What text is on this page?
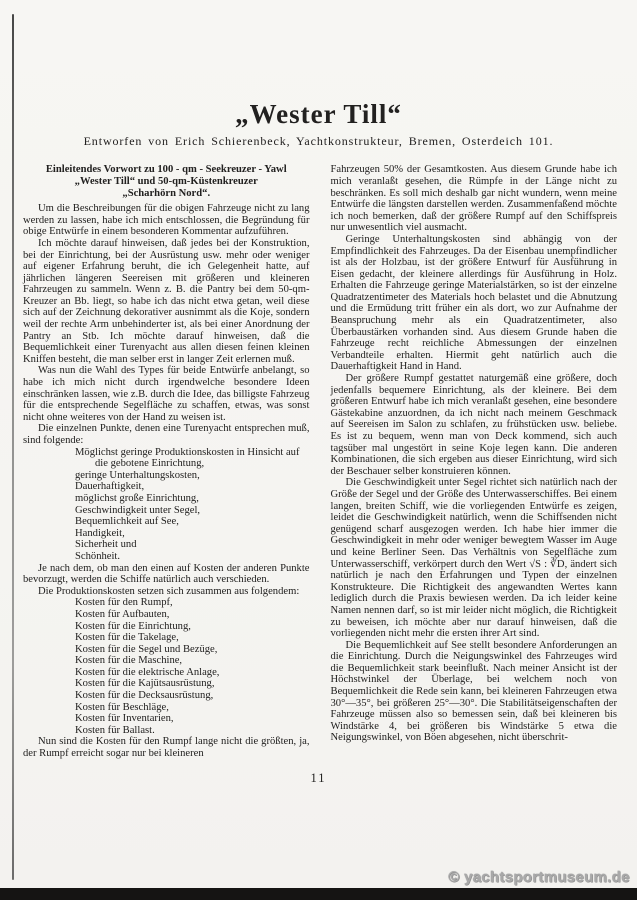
„Wester Till“
Entworfen von Erich Schierenbeck, Yachtkonstrukteur, Bremen, Osterdeich 101.
Einleitendes Vorwort zu 100 - qm - Seekreuzer - Yawl
„Wester Till“ und 50-qm-Küstenkreuzer
„Scharhörn Nord“.

Um die Beschreibungen für die obigen Fahrzeuge nicht zu lang werden zu lassen, habe ich mich entschlossen, die Begründung für obige Entwürfe in einem besonderen Kommentar aufzuführen.

Ich möchte darauf hinweisen, daß jedes bei der Konstruktion, bei der Einrichtung, bei der Ausrüstung usw. mehr oder weniger auf eigener Erfahrung beruht, die ich Gelegenheit hatte, auf jährlichen längeren Seereisen mit größeren und kleineren Fahrzeugen zu sammeln. Wenn z. B. die Pantry bei dem 50-qm-Kreuzer an Bb. liegt, so habe ich das nicht etwa getan, weil diese sich auf der Zeichnung dekorativer ausnimmt als die Koje, sondern weil der rechte Arm unbehinderter ist, als bei einer Anordnung der Pantry an Stb. Ich möchte darauf hinweisen, daß die Bequemlichkeit einer Turenyacht aus allen diesen feinen kleinen Kniffen besteht, die man selber erst in langer Zeit erlernen muß.

Was nun die Wahl des Types für beide Entwürfe anbelangt, so habe ich mich nicht durch irgendwelche besondere Ideen einschränken lassen, wie z.B. durch die Idee, das billigste Fahrzeug für die entsprechende Segelfläche zu schaffen, etwas, was sonst nicht ohne weiteres von der Hand zu weisen ist.

Die einzelnen Punkte, denen eine Turenyacht entsprechen muß, sind folgende:

Möglichst geringe Produktionskosten in Hinsicht auf die gebotene Einrichtung,
geringe Unterhaltungskosten,
Dauerhaftigkeit,
möglichst große Einrichtung,
Geschwindigkeit unter Segel,
Bequemlichkeit auf See,
Handigkeit,
Sicherheit und
Schönheit.

Je nach dem, ob man den einen auf Kosten der anderen Punkte bevorzugt, werden die Schiffe natürlich auch verschieden.

Die Produktionskosten setzen sich zusammen aus folgendem:

Kosten für den Rumpf,
Kosten für Aufbauten,
Kosten für die Einrichtung,
Kosten für die Takelage,
Kosten für die Segel und Bezüge,
Kosten für die Maschine,
Kosten für die elektrische Anlage,
Kosten für die Kajütsausrüstung,
Kosten für die Decksausrüstung,
Kosten für Beschläge,
Kosten für Inventarien,
Kosten für Ballast.

Nun sind die Kosten für den Rumpf lange nicht die größten, ja, der Rumpf erreicht sogar nur bei kleineren

Fahrzeugen 50% der Gesamtkosten. Aus diesem Grunde habe ich mich veranlaßt gesehen, die Rümpfe in der Länge nicht zu beschränken. Es soll mich deshalb gar nicht wundern, wenn meine Entwürfe die längsten darstellen werden. Zusammenfaßend möchte ich noch bemerken, daß der größere Rumpf auf den Schiffspreis nur unwesentlich viel ausmacht.

Geringe Unterhaltungskosten sind abhängig von der Empfindlichkeit des Fahrzeuges. Da der Eisenbau unempfindlicher ist als der Holzbau, ist der größere Entwurf für Ausführung in Eisen gedacht, der kleinere allerdings für Ausführung in Holz. Erhalten die Fahrzeuge geringe Materialstärken, so ist der einzelne Quadratzentimeter des Materials hoch belastet und die Abnutzung und die Ermüdung tritt früher ein als dort, wo zur Aufnahme der Beanspruchung mehr als ein Quadratzentimeter, also Überbaustärken vorhanden sind. Aus diesem Grunde haben die Fahrzeuge recht reichliche Abmessungen der einzelnen Verbandteile erhalten. Hiermit geht natürlich auch die Dauerhaftigkeit Hand in Hand.

Der größere Rumpf gestattet naturgemäß eine größere, doch jedenfalls bequemere Einrichtung, als der kleinere. Bei dem größeren Entwurf habe ich mich veranlaßt gesehen, eine besondere Gästekabine anzuordnen, da ich nicht nach meinem Geschmack auf Seereisen im Salon zu schlafen, zu frühstücken usw. beliebe. Es ist zu bequem, wenn man von Deck kommend, sich auch tagsüber mal ungestört in seine Koje legen kann. Die anderen Kombinationen, die sich ergeben aus dieser Einrichtung, wird sich der Beschauer selber konstruieren können.

Die Geschwindigkeit unter Segel richtet sich natürlich nach der Größe der Segel und der Größe des Unterwasserschiffes. Bei einem langen, breiten Schiff, wie die vorliegenden Entwürfe es zeigen, leidet die Geschwindigkeit natürlich, wenn die Schiffsenden nicht genügend scharf ausgezogen werden. Ich habe hier immer die Geschwindigkeit in mehr oder weniger bewegtem Wasser im Auge und keine Berliner Seen. Das Verhältnis von Segelfläche zum Unterwasserschiff, verkörpert durch den Wert √S : ∛D, ändert sich natürlich je nach den Erfahrungen und Typen der einzelnen Konstrukteure. Die Richtigkeit des angewandten Wertes kann lediglich durch die Praxis bewiesen werden. Da ich leider keine Namen nennen darf, so ist mir leider nicht möglich, die Richtigkeit zu beweisen, ich möchte aber nur darauf hinweisen, daß die vorliegenden nicht mehr die ersten ihrer Art sind.

Die Bequemlichkeit auf See stellt besondere Anforderungen an die Einrichtung. Durch die Neigungswinkel des Fahrzeuges wird die Bequemlichkeit stark beeinflußt. Nach meiner Ansicht ist der Höchstwinkel der Überlage, bei welchem noch von Bequemlichkeit die Rede sein kann, bei kleineren Fahrzeugen etwa 30°—35°, bei größeren 25°—30°. Die Stabilitätseigenschaften der Fahrzeuge müssen also so bemessen sein, daß bei kleineren bis Windstärke 4, bei größeren bis Windstärke 5 etwa die Neigungswinkel, von Böen abgesehen, nicht überschrit-

11
© yachtsportmuseum.de
